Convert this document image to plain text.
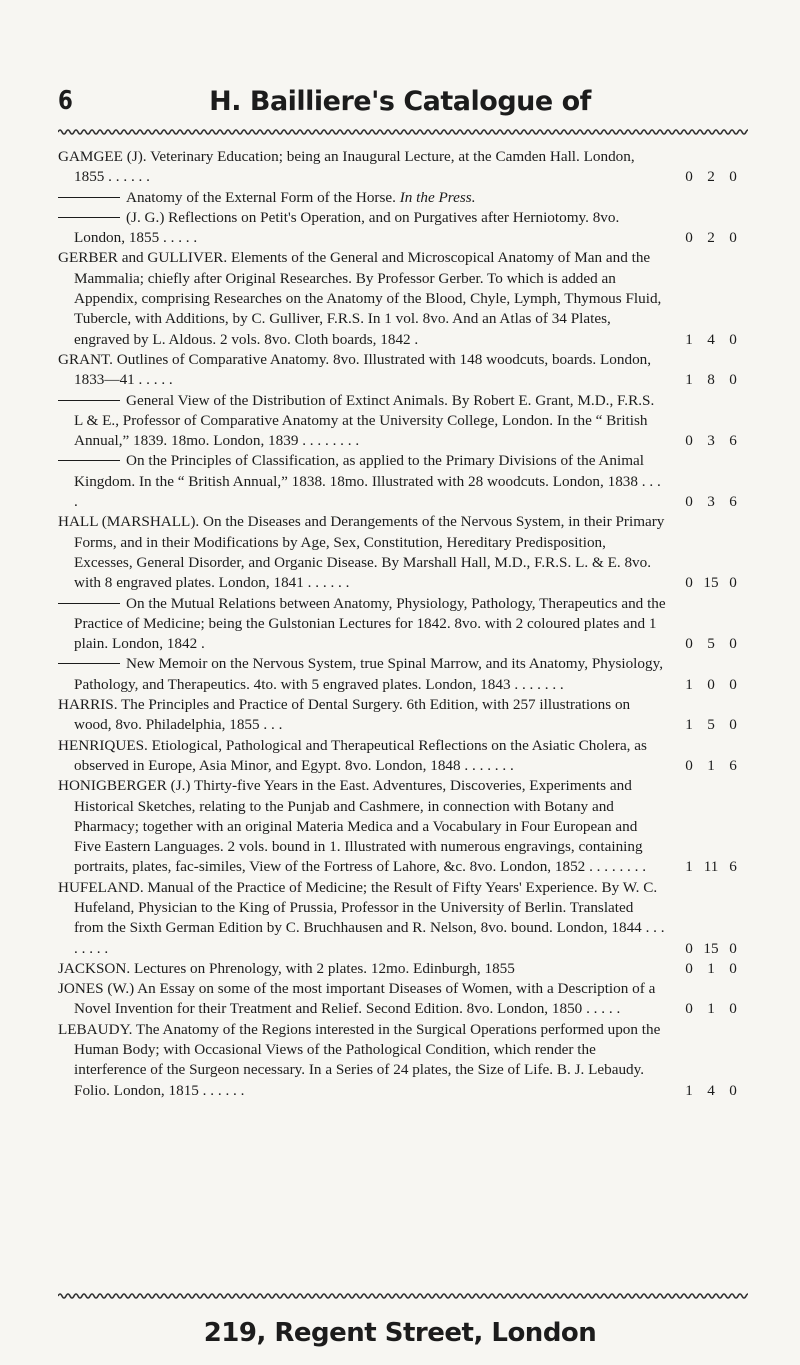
6	H. Bailliere's Catalogue of
GAMGEE (J). Veterinary Education; being an Inaugural Lecture, at the Camden Hall. London, 1855 . . . . . .	0 2 0
Anatomy of the External Form of the Horse. In the Press.
(J. G.) Reflections on Petit's Operation, and on Purgatives after Herniotomy. 8vo. London, 1855 . . . . .	0 2 0
GERBER and GULLIVER. Elements of the General and Microscopical Anatomy of Man and the Mammalia; chiefly after Original Researches. By Professor Gerber. To which is added an Appendix, comprising Researches on the Anatomy of the Blood, Chyle, Lymph, Thymous Fluid, Tubercle, with Additions, by C. Gulliver, F.R.S. In 1 vol. 8vo. And an Atlas of 34 Plates, engraved by L. Aldous. 2 vols. 8vo. Cloth boards, 1842 .	1 4 0
GRANT. Outlines of Comparative Anatomy. 8vo. Illustrated with 148 woodcuts, boards. London, 1833—41 . . . . .	1 8 0
General View of the Distribution of Extinct Animals. By Robert E. Grant, M.D., F.R.S. L & E., Professor of Comparative Anatomy at the University College, London. In the “ British Annual,” 1839. 18mo. London, 1839 . . . . . . . .	0 3 6
On the Principles of Classification, as applied to the Primary Divisions of the Animal Kingdom. In the “ British Annual,” 1838. 18mo. Illustrated with 28 woodcuts. London, 1838 . . . .	0 3 6
HALL (MARSHALL). On the Diseases and Derangements of the Nervous System, in their Primary Forms, and in their Modifications by Age, Sex, Constitution, Hereditary Predisposition, Excesses, General Disorder, and Organic Disease. By Marshall Hall, M.D., F.R.S. L. & E. 8vo. with 8 engraved plates. London, 1841 . . . . . .	0 15 0
On the Mutual Relations between Anatomy, Physiology, Pathology, Therapeutics and the Practice of Medicine; being the Gulstonian Lectures for 1842. 8vo. with 2 coloured plates and 1 plain. London, 1842 .	0 5 0
New Memoir on the Nervous System, true Spinal Marrow, and its Anatomy, Physiology, Pathology, and Therapeutics. 4to. with 5 engraved plates. London, 1843 . . . . . . .	1 0 0
HARRIS. The Principles and Practice of Dental Surgery. 6th Edition, with 257 illustrations on wood, 8vo. Philadelphia, 1855 . . .	1 5 0
HENRIQUES. Etiological, Pathological and Therapeutical Reflections on the Asiatic Cholera, as observed in Europe, Asia Minor, and Egypt. 8vo. London, 1848 . . . . . . .	0 1 6
HONIGBERGER (J.) Thirty-five Years in the East. Adventures, Discoveries, Experiments and Historical Sketches, relating to the Punjab and Cashmere, in connection with Botany and Pharmacy; together with an original Materia Medica and a Vocabulary in Four European and Five Eastern Languages. 2 vols. bound in 1. Illustrated with numerous engravings, containing portraits, plates, fac-similes, View of the Fortress of Lahore, &c. 8vo. London, 1852 . . . . . . . .	1 11 6
HUFELAND. Manual of the Practice of Medicine; the Result of Fifty Years' Experience. By W. C. Hufeland, Physician to the King of Prussia, Professor in the University of Berlin. Translated from the Sixth German Edition by C. Bruchhausen and R. Nelson, 8vo. bound. London, 1844 . . . . . . . .	0 15 0
JACKSON. Lectures on Phrenology, with 2 plates. 12mo. Edinburgh, 1855	0 1 0
JONES (W.) An Essay on some of the most important Diseases of Women, with a Description of a Novel Invention for their Treatment and Relief. Second Edition. 8vo. London, 1850 . . . . .	0 1 0
LEBAUDY. The Anatomy of the Regions interested in the Surgical Operations performed upon the Human Body; with Occasional Views of the Pathological Condition, which render the interference of the Surgeon necessary. In a Series of 24 plates, the Size of Life. B. J. Lebaudy. Folio. London, 1815 . . . . . .	1 4 0
219, Regent Street, London
